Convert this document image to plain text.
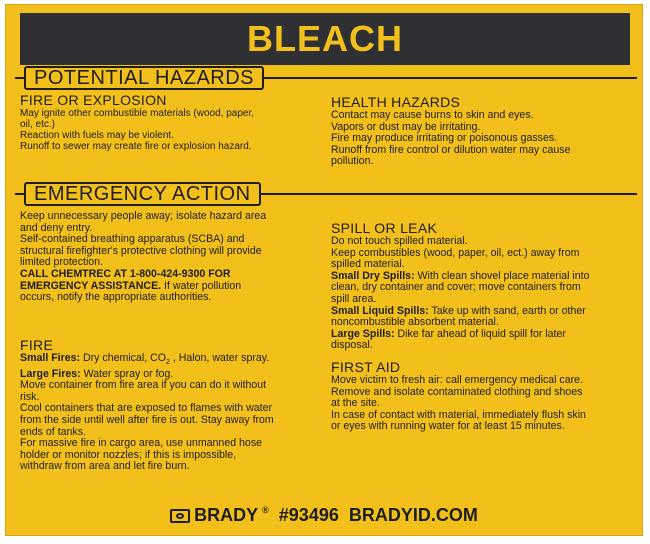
BLEACH
POTENTIAL HAZARDS
FIRE OR EXPLOSION

May ignite other combustible materials (wood, paper,

oil, etc.)

Reaction with fuels may be violent.

Runoff to sewer may create fire or explosion hazard.

HEALTH HAZARDS

Contact may cause burns to skin and eyes.

Vapors or dust may be irritating.

Fire may produce irritating or poisonous gasses.

Runoff from fire control or dilution water may cause

pollution.

EMERGENCY ACTION

Keep unnecessary people away; isolate hazard area

and deny entry.

Self-contained breathing apparatus (SCBA) and

structural firefighter's protective clothing will provide

limited protection.

CALL CHEMTREC AT 1-800-424-9300 FOR

EMERGENCY ASSISTANCE. If water pollution

occurs, notify the appropriate authorities.

FIRE

Small Fires: Dry chemical, $CO_2$ , Halon, water spray.

Large Fires: Water spray or fog.

Move container from fire area if you can do it without

risk.

Cool containers that are exposed to flames with water

from the side until well after fire is out. Stay away from

ends of tanks.

For massive fire in cargo area, use unmanned hose

holder or monitor nozzles; if this is impossible,

withdraw from area and let fire burn.

SPILL OR LEAK

Do not touch spilled material.

Keep combustibles (wood, paper, oil, ect.) away from

spilled material.

Small Dry Spills: With clean shovel place material into

clean, dry container and cover; move containers from

spill area.

Small Liquid Spills: Take up with sand, earth or other

noncombustible absorbent material.

Large Spills: Dike far ahead of liquid spill for later

disposal.

FIRST AID

Move victim to fresh air: call emergency medical care.

Remove and isolate contaminated clothing and shoes

at the site.

In case of contact with material, immediately flush skin

or eyes with running water for at least 15 minutes.

BRADY ® #93496 BRADYID.COM
